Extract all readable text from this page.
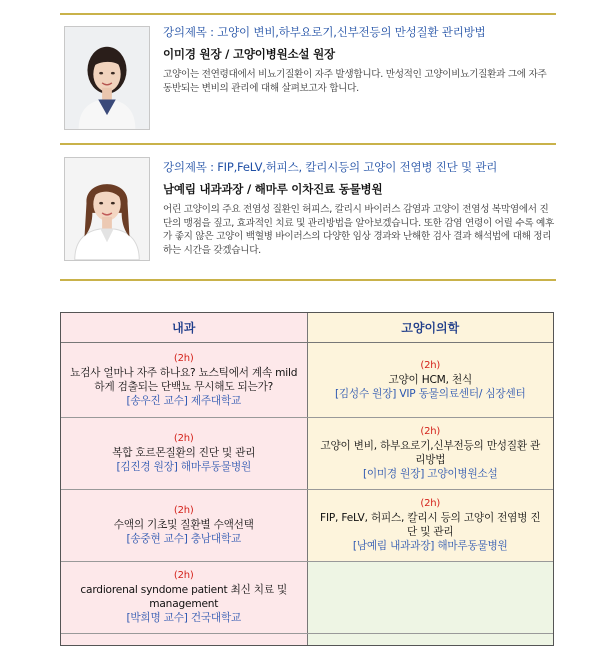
강의제목 : 고양이 변비,하부요로기,신부전등의 만성질환 관리방법
이미경 원장 / 고양이병원소설 원장
고양이는 전연령대에서 비뇨기질환이 자주 발생합니다. 만성적인 고양이비뇨기질환과 그에 자주 동반되는 변비의 관리에 대해 살펴보고자 합니다.
강의제목 : FIP,FeLV,허피스, 칼리시등의 고양이 전염병 진단 및 관리
남예림 내과과장 / 해마루 이차진료 동물병원
어린 고양이의 주요 전염성 질환인 허피스, 칼리시 바이러스 감염과 고양이 전염성 복막염에서 진단의 맹점을 짚고, 효과적인 치료 및 관리방법을 알아보겠습니다. 또한 감염 연령이 어릴 수록 예후가 좋지 않은 고양이 백혈병 바이러스의 다양한 임상 경과와 난해한 검사 결과 해석법에 대해 정리하는 시간을 갖겠습니다.
내과	고양이의학

(2h)
뇨검사 얼마나 자주 하나요? 뇨스틱에서 계속 mild하게 검출되는 단백뇨 무시해도 되는가?
[송우진 교수] 제주대학교	(2h)
고양이 HCM, 천식
[김성수 원장] VIP 동물의료센터/ 심장센터

(2h)
복합 호르몬질환의 진단 및 관리
[김진경 원장] 해마루동물병원	(2h)
고양이 변비, 하부요로기,신부전등의 만성질환 관리방법
[이미경 원장] 고양이병원소설

(2h)
수액의 기초및 질환별 수액선택
[송중현 교수] 충남대학교	(2h)
FIP, FeLV, 허피스, 칼리시 등의 고양이 전염병 진단 및 관리
[남예림 내과과장] 해마루동물병원

(2h)
cardiorenal syndome patient 최신 치료 및 management
[박희명 교수] 건국대학교	
